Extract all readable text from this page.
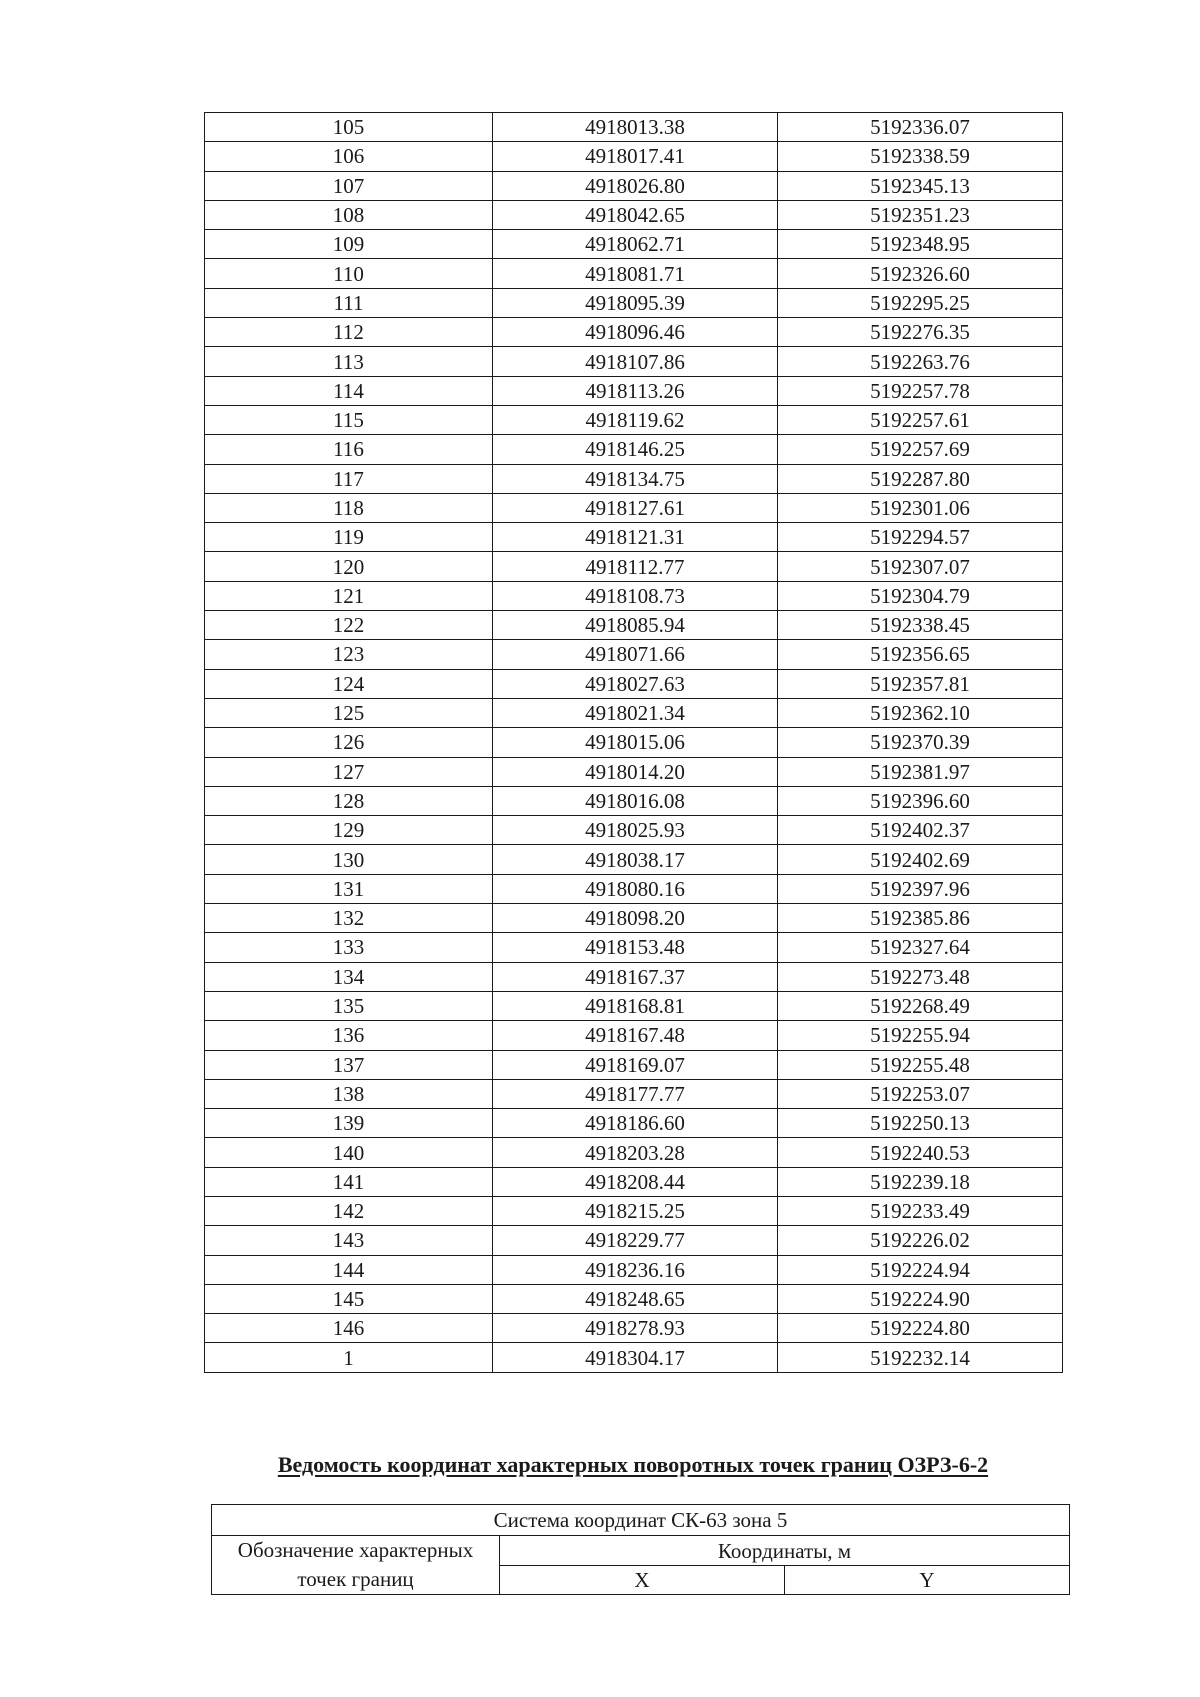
105	4918013.38	5192336.07
106	4918017.41	5192338.59
107	4918026.80	5192345.13
108	4918042.65	5192351.23
109	4918062.71	5192348.95
110	4918081.71	5192326.60
111	4918095.39	5192295.25
112	4918096.46	5192276.35
113	4918107.86	5192263.76
114	4918113.26	5192257.78
115	4918119.62	5192257.61
116	4918146.25	5192257.69
117	4918134.75	5192287.80
118	4918127.61	5192301.06
119	4918121.31	5192294.57
120	4918112.77	5192307.07
121	4918108.73	5192304.79
122	4918085.94	5192338.45
123	4918071.66	5192356.65
124	4918027.63	5192357.81
125	4918021.34	5192362.10
126	4918015.06	5192370.39
127	4918014.20	5192381.97
128	4918016.08	5192396.60
129	4918025.93	5192402.37
130	4918038.17	5192402.69
131	4918080.16	5192397.96
132	4918098.20	5192385.86
133	4918153.48	5192327.64
134	4918167.37	5192273.48
135	4918168.81	5192268.49
136	4918167.48	5192255.94
137	4918169.07	5192255.48
138	4918177.77	5192253.07
139	4918186.60	5192250.13
140	4918203.28	5192240.53
141	4918208.44	5192239.18
142	4918215.25	5192233.49
143	4918229.77	5192226.02
144	4918236.16	5192224.94
145	4918248.65	5192224.90
146	4918278.93	5192224.80
1	4918304.17	5192232.14
Ведомость координат характерных поворотных точек границ ОЗРЗ-6-2
Система координат СК-63 зона 5		
Обозначение характерных точек границ	Координаты, м	
	X	Y
